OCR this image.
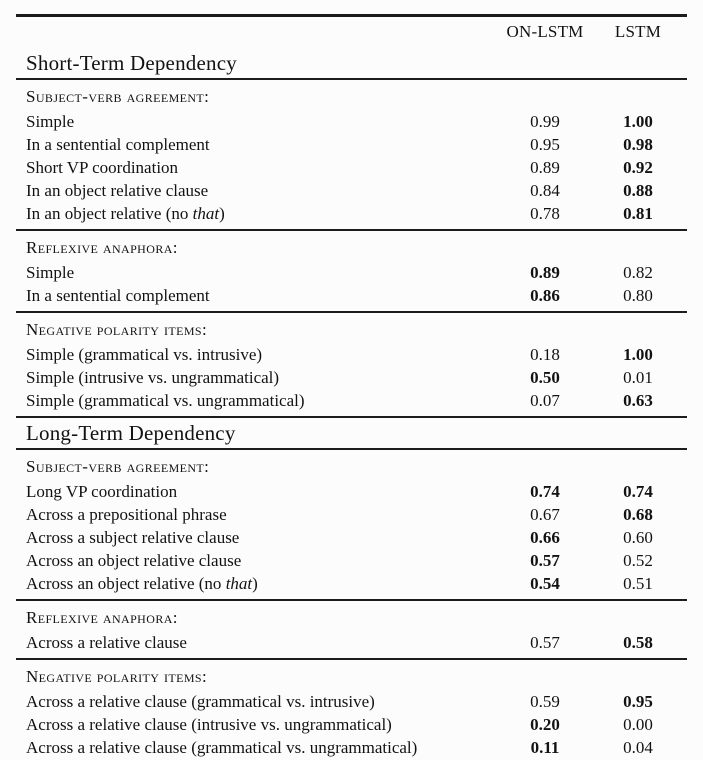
ON-LSTM	LSTM
Short-Term Dependency
Subject-verb agreement:
Simple	0.99	1.00
In a sentential complement	0.95	0.98
Short VP coordination	0.89	0.92
In an object relative clause	0.84	0.88
In an object relative (no that)	0.78	0.81
Reflexive anaphora:
Simple	0.89	0.82
In a sentential complement	0.86	0.80
Negative polarity items:
Simple (grammatical vs. intrusive)	0.18	1.00
Simple (intrusive vs. ungrammatical)	0.50	0.01
Simple (grammatical vs. ungrammatical)	0.07	0.63
Long-Term Dependency
Subject-verb agreement:
Long VP coordination	0.74	0.74
Across a prepositional phrase	0.67	0.68
Across a subject relative clause	0.66	0.60
Across an object relative clause	0.57	0.52
Across an object relative (no that)	0.54	0.51
Reflexive anaphora:
Across a relative clause	0.57	0.58
Negative polarity items:
Across a relative clause (grammatical vs. intrusive)	0.59	0.95
Across a relative clause (intrusive vs. ungrammatical)	0.20	0.00
Across a relative clause (grammatical vs. ungrammatical)	0.11	0.04
